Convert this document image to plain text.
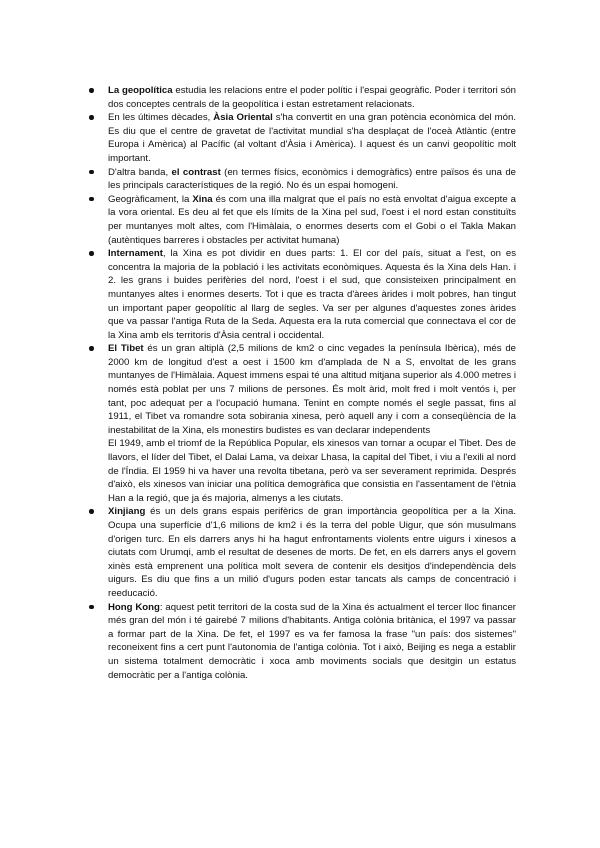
La geopolítica estudia les relacions entre el poder polític i l'espai geogràfic. Poder i territori són dos conceptes centrals de la geopolítica i estan estretament relacionats.

En les últimes dècades, Àsia Oriental s'ha convertit en una gran potència econòmica del món. Es diu que el centre de gravetat de l'activitat mundial s'ha desplaçat de l'oceà Atlàntic (entre Europa i Amèrica) al Pacífic (al voltant d'Àsia i Amèrica). I aquest és un canvi geopolític molt important.

D'altra banda, el contrast (en termes físics, econòmics i demogràfics) entre països és una de les principals característiques de la regió. No és un espai homogeni.

Geogràficament, la Xina és com una illa malgrat que el país no està envoltat d'aigua excepte a la vora oriental. Es deu al fet que els límits de la Xina pel sud, l'oest i el nord estan constituïts per muntanyes molt altes, com l'Himàlaia, o enormes deserts com el Gobi o el Takla Makan (autèntiques barreres i obstacles per activitat humana)

Internament, la Xina es pot dividir en dues parts: 1. El cor del país, situat a l'est, on es concentra la majoria de la població i les activitats econòmiques. Aquesta és la Xina dels Han. i 2. les grans i buides perifèries del nord, l'oest i el sud, que consisteixen principalment en muntanyes altes i enormes deserts. Tot i que es tracta d'àrees àrides i molt pobres, han tingut un important paper geopolític al llarg de segles. Va ser per algunes d'aquestes zones àrides que va passar l'antiga Ruta de la Seda. Aquesta era la ruta comercial que connectava el cor de la Xina amb els territoris d'Àsia central i occidental.

El Tibet és un gran altiplà (2,5 milions de km2 o cinc vegades la península Ibèrica), més de 2000 km de longitud d'est a oest i 1500 km d'amplada de N a S, envoltat de les grans muntanyes de l'Himàlaia. Aquest immens espai té una altitud mitjana superior als 4.000 metres i només està poblat per uns 7 milions de persones. És molt àrid, molt fred i molt ventós i, per tant, poc adequat per a l'ocupació humana. Tenint en compte només el segle passat, fins al 1911, el Tibet va romandre sota sobirania xinesa, però aquell any i com a conseqüència de la inestabilitat de la Xina, els monestirs budistes es van declarar independents

El 1949, amb el triomf de la República Popular, els xinesos van tornar a ocupar el Tibet. Des de llavors, el líder del Tibet, el Dalai Lama, va deixar Lhasa, la capital del Tibet, i viu a l'exili al nord de l'Índia. El 1959 hi va haver una revolta tibetana, però va ser severament reprimida. Després d'això, els xinesos van iniciar una política demogràfica que consistia en l'assentament de l'ètnia Han a la regió, que ja és majoria, almenys a les ciutats.

Xinjiang és un dels grans espais perifèrics de gran importància geopolítica per a la Xina. Ocupa una superfície d'1,6 milions de km2 i és la terra del poble Uigur, que són musulmans d'origen turc. En els darrers anys hi ha hagut enfrontaments violents entre uigurs i xinesos a ciutats com Urumqi, amb el resultat de desenes de morts. De fet, en els darrers anys el govern xinès està emprenent una política molt severa de contenir els desitjos d'independència dels uigurs. Es diu que fins a un milió d'ugurs poden estar tancats als camps de concentració i reeducació.

Hong Kong: aquest petit territori de la costa sud de la Xina és actualment el tercer lloc financer més gran del món i té gairebé 7 milions d'habitants. Antiga colònia britànica, el 1997 va passar a formar part de la Xina. De fet, el 1997 es va fer famosa la frase "un país: dos sistemes" reconeixent fins a cert punt l'autonomia de l'antiga colònia. Tot i això, Beijing es nega a establir un sistema totalment democràtic i xoca amb moviments socials que desitgin un estatus democràtic per a l'antiga colònia.
